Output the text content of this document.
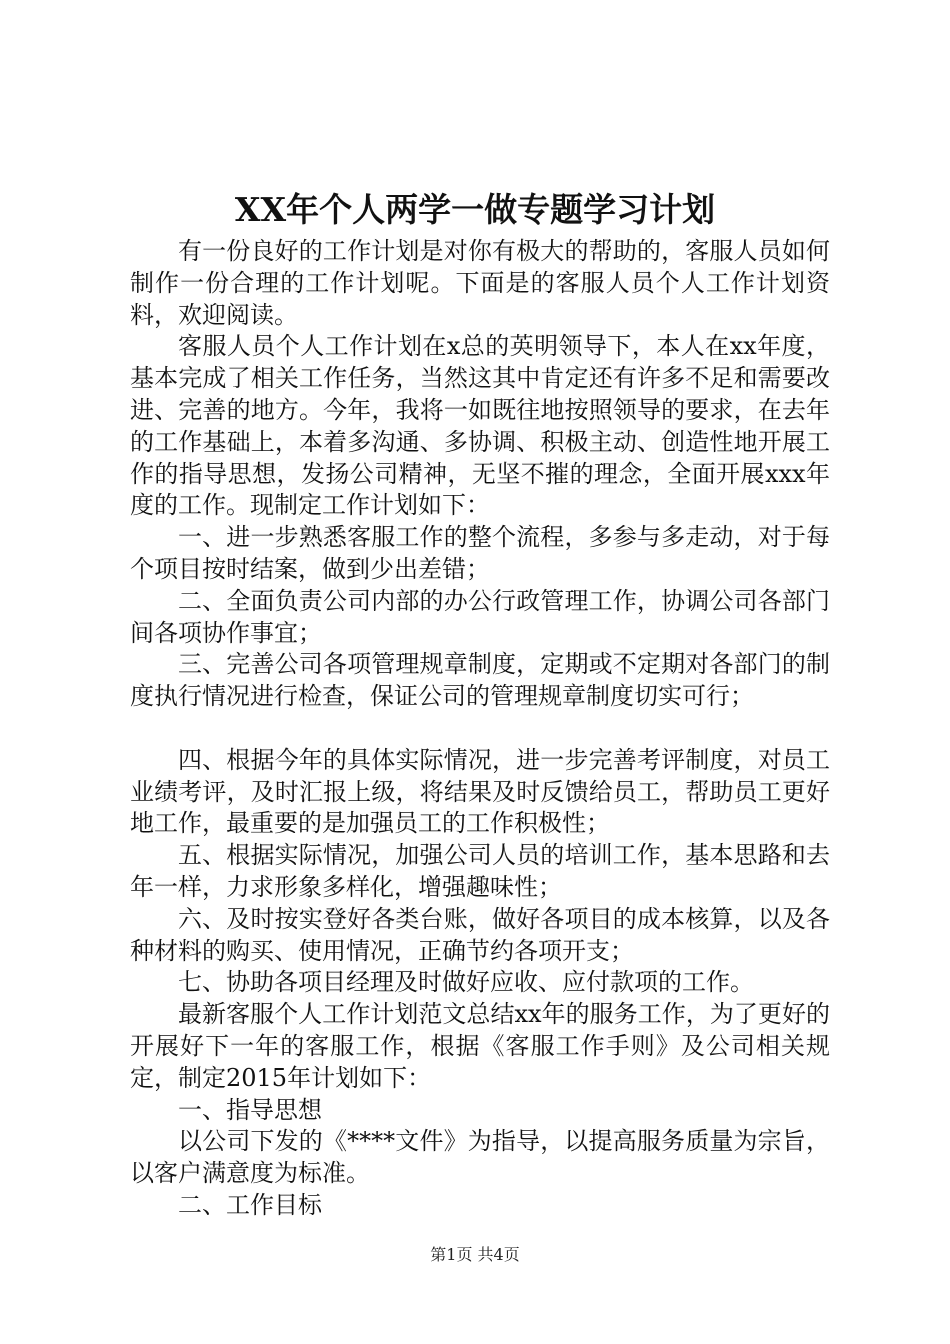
XX年个人两学一做专题学习计划

有一份良好的工作计划是对你有极大的帮助的，客服人员如何制作一份合理的工作计划呢。下面是的客服人员个人工作计划资料，欢迎阅读。

客服人员个人工作计划在x总的英明领导下，本人在xx年度，基本完成了相关工作任务，当然这其中肯定还有许多不足和需要改进、完善的地方。今年，我将一如既往地按照领导的要求，在去年的工作基础上，本着多沟通、多协调、积极主动、创造性地开展工作的指导思想，发扬公司精神，无坚不摧的理念，全面开展xxx年度的工作。现制定工作计划如下：

一、进一步熟悉客服工作的整个流程，多参与多走动，对于每个项目按时结案，做到少出差错；

二、全面负责公司内部的办公行政管理工作，协调公司各部门间各项协作事宜；

三、完善公司各项管理规章制度，定期或不定期对各部门的制度执行情况进行检查，保证公司的管理规章制度切实可行；

四、根据今年的具体实际情况，进一步完善考评制度，对员工业绩考评，及时汇报上级，将结果及时反馈给员工，帮助员工更好地工作，最重要的是加强员工的工作积极性；

五、根据实际情况，加强公司人员的培训工作，基本思路和去年一样，力求形象多样化，增强趣味性；

六、及时按实登好各类台账，做好各项目的成本核算，以及各种材料的购买、使用情况，正确节约各项开支；

七、协助各项目经理及时做好应收、应付款项的工作。

最新客服个人工作计划范文总结xx年的服务工作，为了更好的开展好下一年的客服工作，根据《客服工作手则》及公司相关规定，制定2015年计划如下：

一、指导思想

以公司下发的《****文件》为指导，以提高服务质量为宗旨，以客户满意度为标准。

二、工作目标

第1页 共4页
